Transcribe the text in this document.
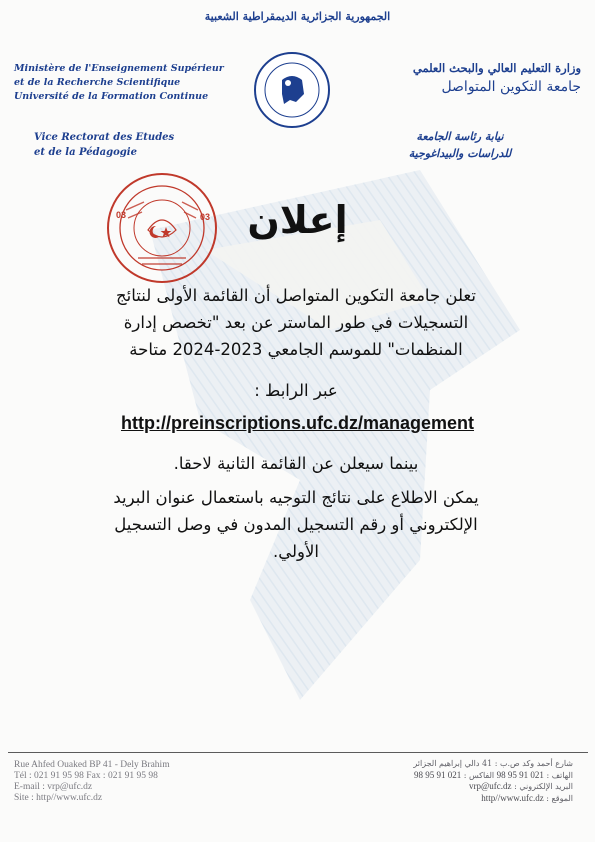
الجمهورية الجزائرية الديمقراطية الشعبية
Ministère de l'Enseignement Supérieur
et de la Recherche Scientifique
Université de la Formation Continue
Vice Rectorat des Etudes
et de la Pédagogie
وزارة التعليم العالي والبحث العلمي
جامعة التكوين المتواصل
نيابة رئاسة الجامعة
للدراسات والبيداغوجية
03	03 إعلان
تعلن جامعة التكوين المتواصل أن القائمة الأولى لنتائج التسجيلات في طور الماستر عن بعد "تخصص إدارة المنظمات" للموسم الجامعي 2023-2024 متاحة
عبر الرابط :
http://preinscriptions.ufc.dz/management
بينما سيعلن عن القائمة الثانية لاحقا.
يمكن الاطلاع على نتائج التوجيه باستعمال عنوان البريد الإلكتروني أو رقم التسجيل المدون في وصل التسجيل الأولي.
Rue Ahfed Ouaked BP 41 - Dely Brahim
Tél : 021 91 95 98 Fax : 021 91 95 98
E-mail : vrp@ufc.dz
Site : http//www.ufc.dz
شارع أحمد وكد ص.ب : 41 دالي إبراهيم الجزائر
الهاتف : 021 91 95 98 الفاكس : 021 91 95 98
البريد الإلكتروني : vrp@ufc.dz
الموقع : http//www.ufc.dz
